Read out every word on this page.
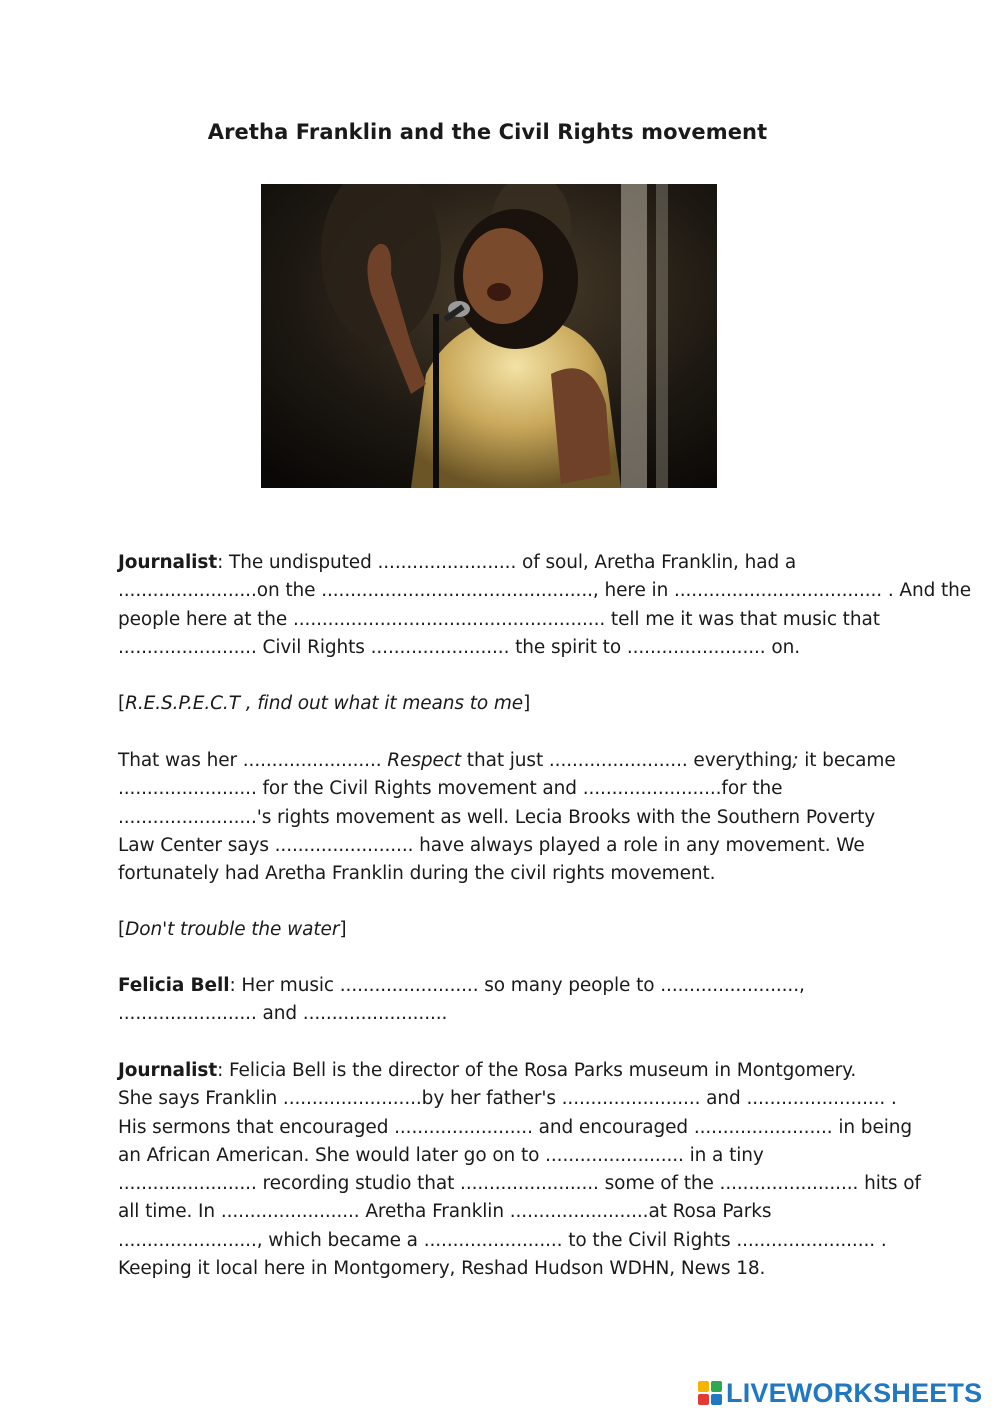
Aretha Franklin and the Civil Rights movement
Journalist: The undisputed ........................ of soul, Aretha Franklin, had a
........................on the ..............................................., here in .................................... . And the
people here at the ...................................................... tell me it was that music that
........................ Civil Rights ........................ the spirit to ........................ on.
[R.E.S.P.E.C.T , find out what it means to me]
That was her ........................ Respect that just ........................ everything; it became
........................ for the Civil Rights movement and ........................for the
........................'s rights movement as well. Lecia Brooks with the Southern Poverty
Law Center says ........................ have always played a role in any movement. We
fortunately had Aretha Franklin during the civil rights movement.
[Don't trouble the water]
Felicia Bell: Her music ........................ so many people to ........................,
........................ and .........................
Journalist: Felicia Bell is the director of the Rosa Parks museum in Montgomery.
She says Franklin ........................by her father's ........................ and ........................ .
His sermons that encouraged ........................ and encouraged ........................ in being
an African American. She would later go on to ........................ in a tiny
........................ recording studio that ........................ some of the ........................ hits of
all time. In ........................ Aretha Franklin ........................at Rosa Parks
........................, which became a ........................ to the Civil Rights ........................ .
Keeping it local here in Montgomery, Reshad Hudson WDHN, News 18.
LIVEWORKSHEETS
